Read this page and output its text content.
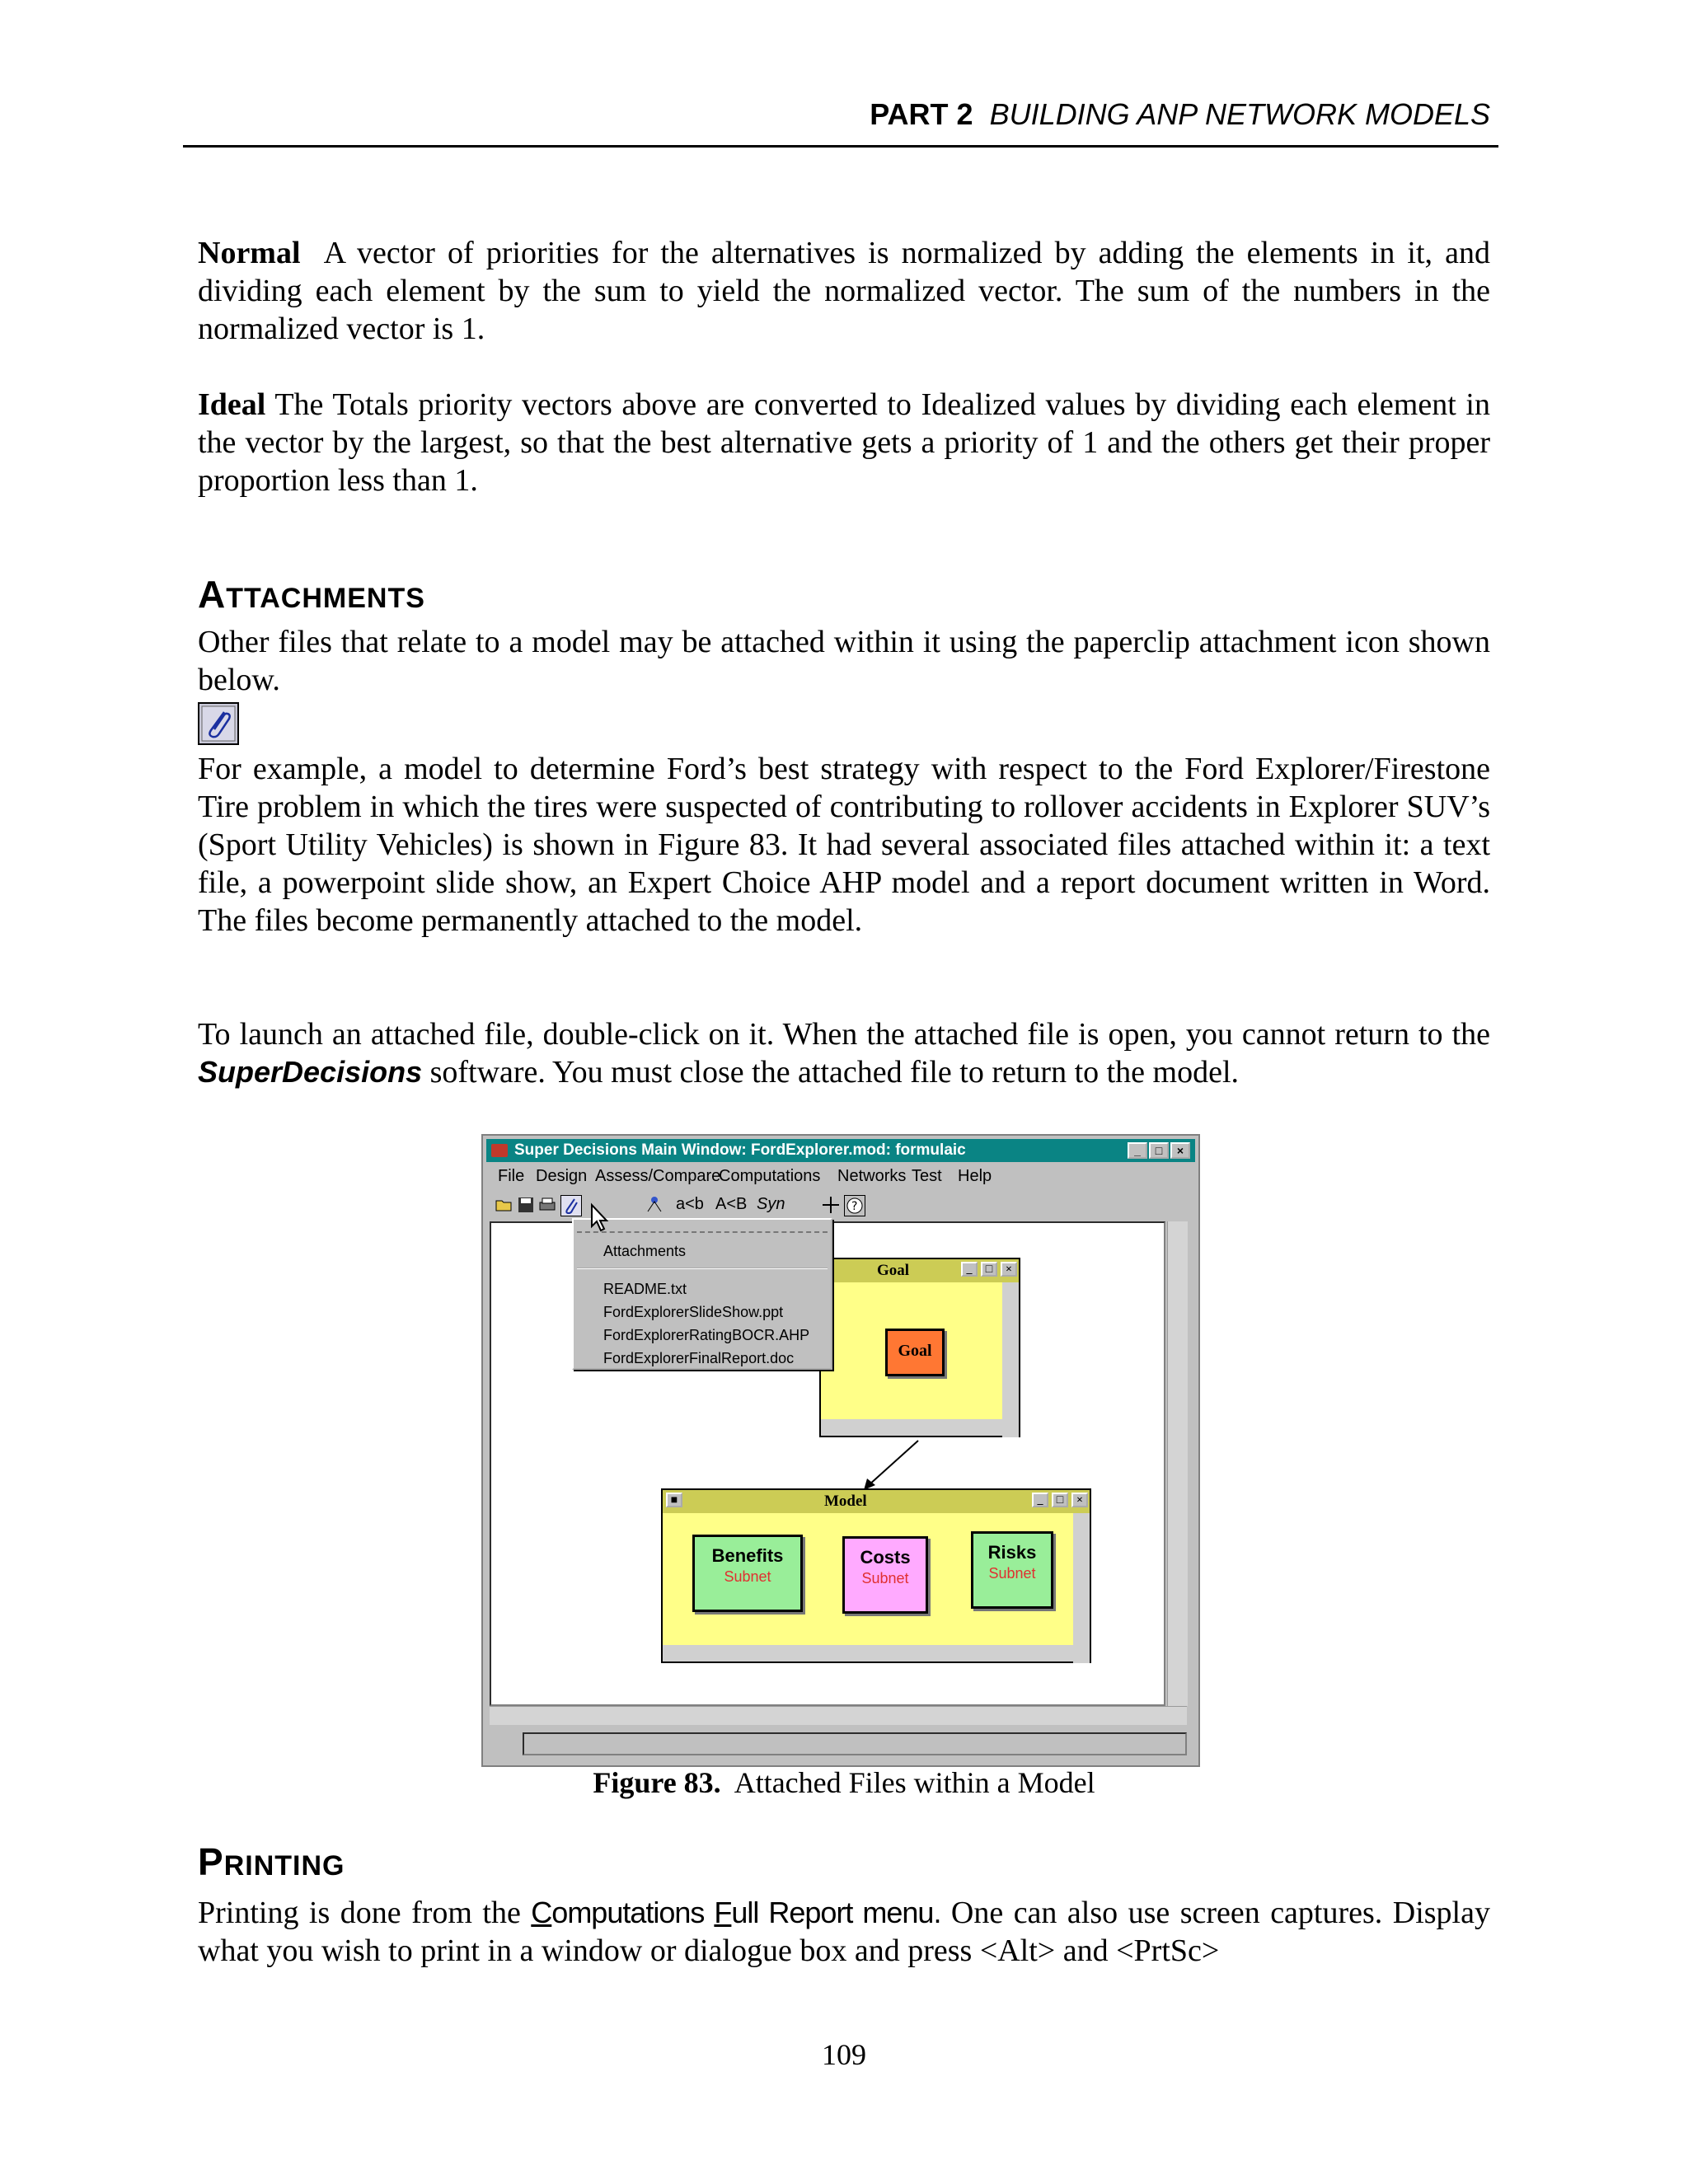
PART 2 BUILDING ANP NETWORK MODELS
Normal A vector of priorities for the alternatives is normalized by adding the elements in it, and dividing each element by the sum to yield the normalized vector. The sum of the numbers in the normalized vector is 1.
Ideal The Totals priority vectors above are converted to Idealized values by dividing each element in the vector by the largest, so that the best alternative gets a priority of 1 and the others get their proper proportion less than 1.
ATTACHMENTS
Other files that relate to a model may be attached within it using the paperclip attachment icon shown below.
For example, a model to determine Ford’s best strategy with respect to the Ford Explorer/Firestone Tire problem in which the tires were suspected of contributing to rollover accidents in Explorer SUV’s (Sport Utility Vehicles) is shown in Figure 83. It had several associated files attached within it: a text file, a powerpoint slide show, an Expert Choice AHP model and a report document written in Word. The files become permanently attached to the model.
To launch an attached file, double-click on it. When the attached file is open, you cannot return to the SuperDecisions software. You must close the attached file to return to the model.
Super Decisions Main Window: FordExplorer.mod: formulaic	_	□	×
File Design Assess/Compare
Computations Networks Test Help
a<b A<B Syn	?
Goal	_	□	×
Goal
Attachments
README.txt
FordExplorerSlideShow.ppt
FordExplorerRatingBOCR.AHP
FordExplorerFinalReport.doc
■	Model	_	□	×
Benefits
Subnet
Costs
Subnet
Risks
Subnet
Figure 83. Attached Files within a Model
PRINTING
Printing is done from the Computations Full Report menu. One can also use screen captures. Display what you wish to print in a window or dialogue box and press <Alt> and <PrtSc>
109
